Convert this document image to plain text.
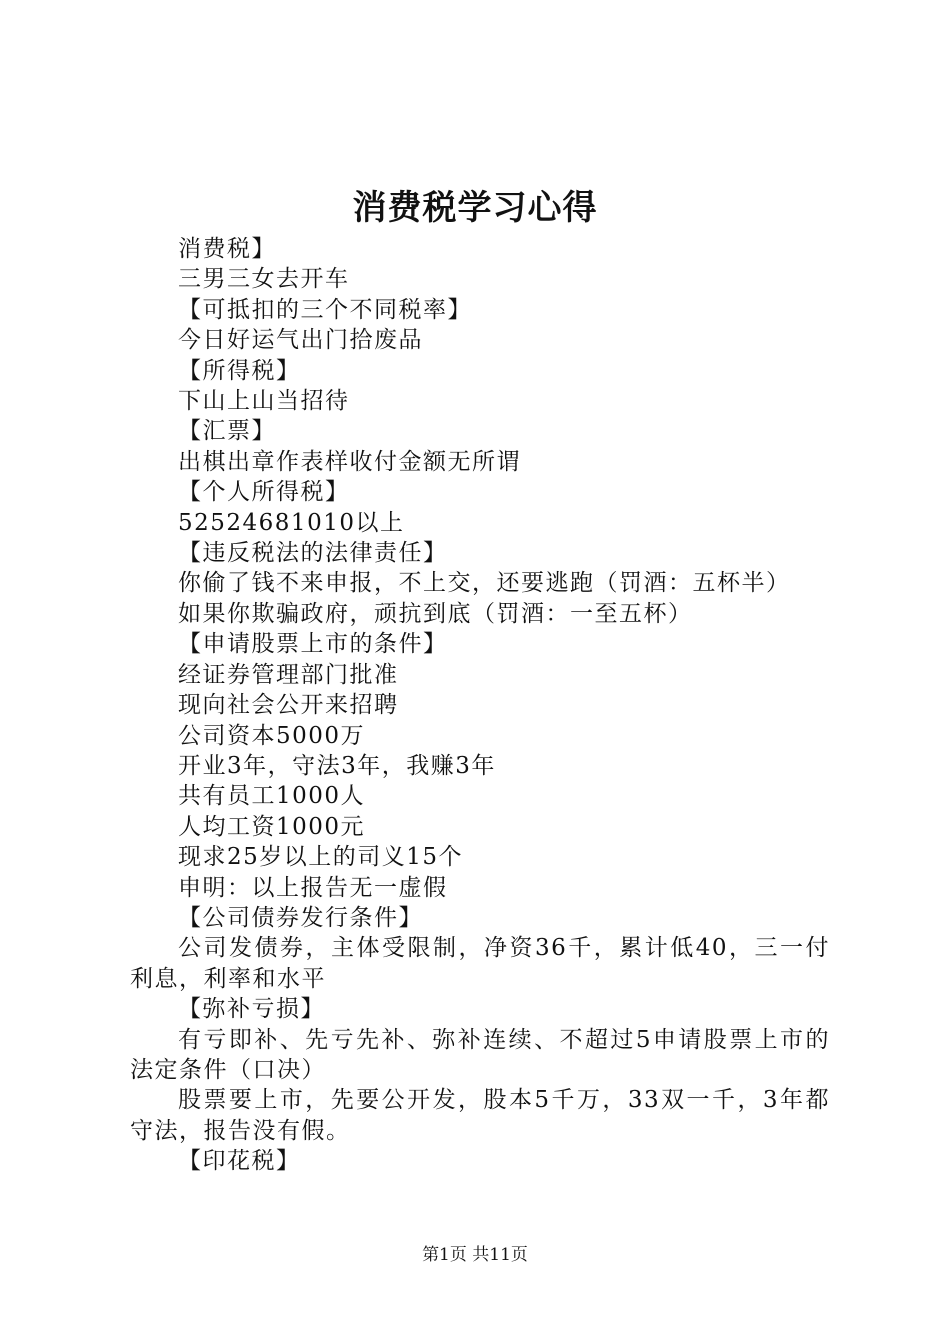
消费税学习心得

消费税】

三男三女去开车

【可抵扣的三个不同税率】

今日好运气出门拾废品

【所得税】

下山上山当招待

【汇票】

出棋出章作表样收付金额无所谓

【个人所得税】

52524681010以上

【违反税法的法律责任】

你偷了钱不来申报，不上交，还要逃跑（罚酒：五杯半）

如果你欺骗政府，顽抗到底（罚酒：一至五杯）

【申请股票上市的条件】

经证券管理部门批准

现向社会公开来招聘

公司资本5000万

开业3年，守法3年，我赚3年

共有员工1000人

人均工资1000元

现求25岁以上的司义15个

申明：以上报告无一虚假

【公司债券发行条件】

公司发债券，主体受限制，净资36千，累计低40，三一付利息，利率和水平

【弥补亏损】

有亏即补、先亏先补、弥补连续、不超过5申请股票上市的法定条件（口决）

股票要上市，先要公开发，股本5千万，33双一千，3年都守法，报告没有假。

【印花税】

第1页 共11页
